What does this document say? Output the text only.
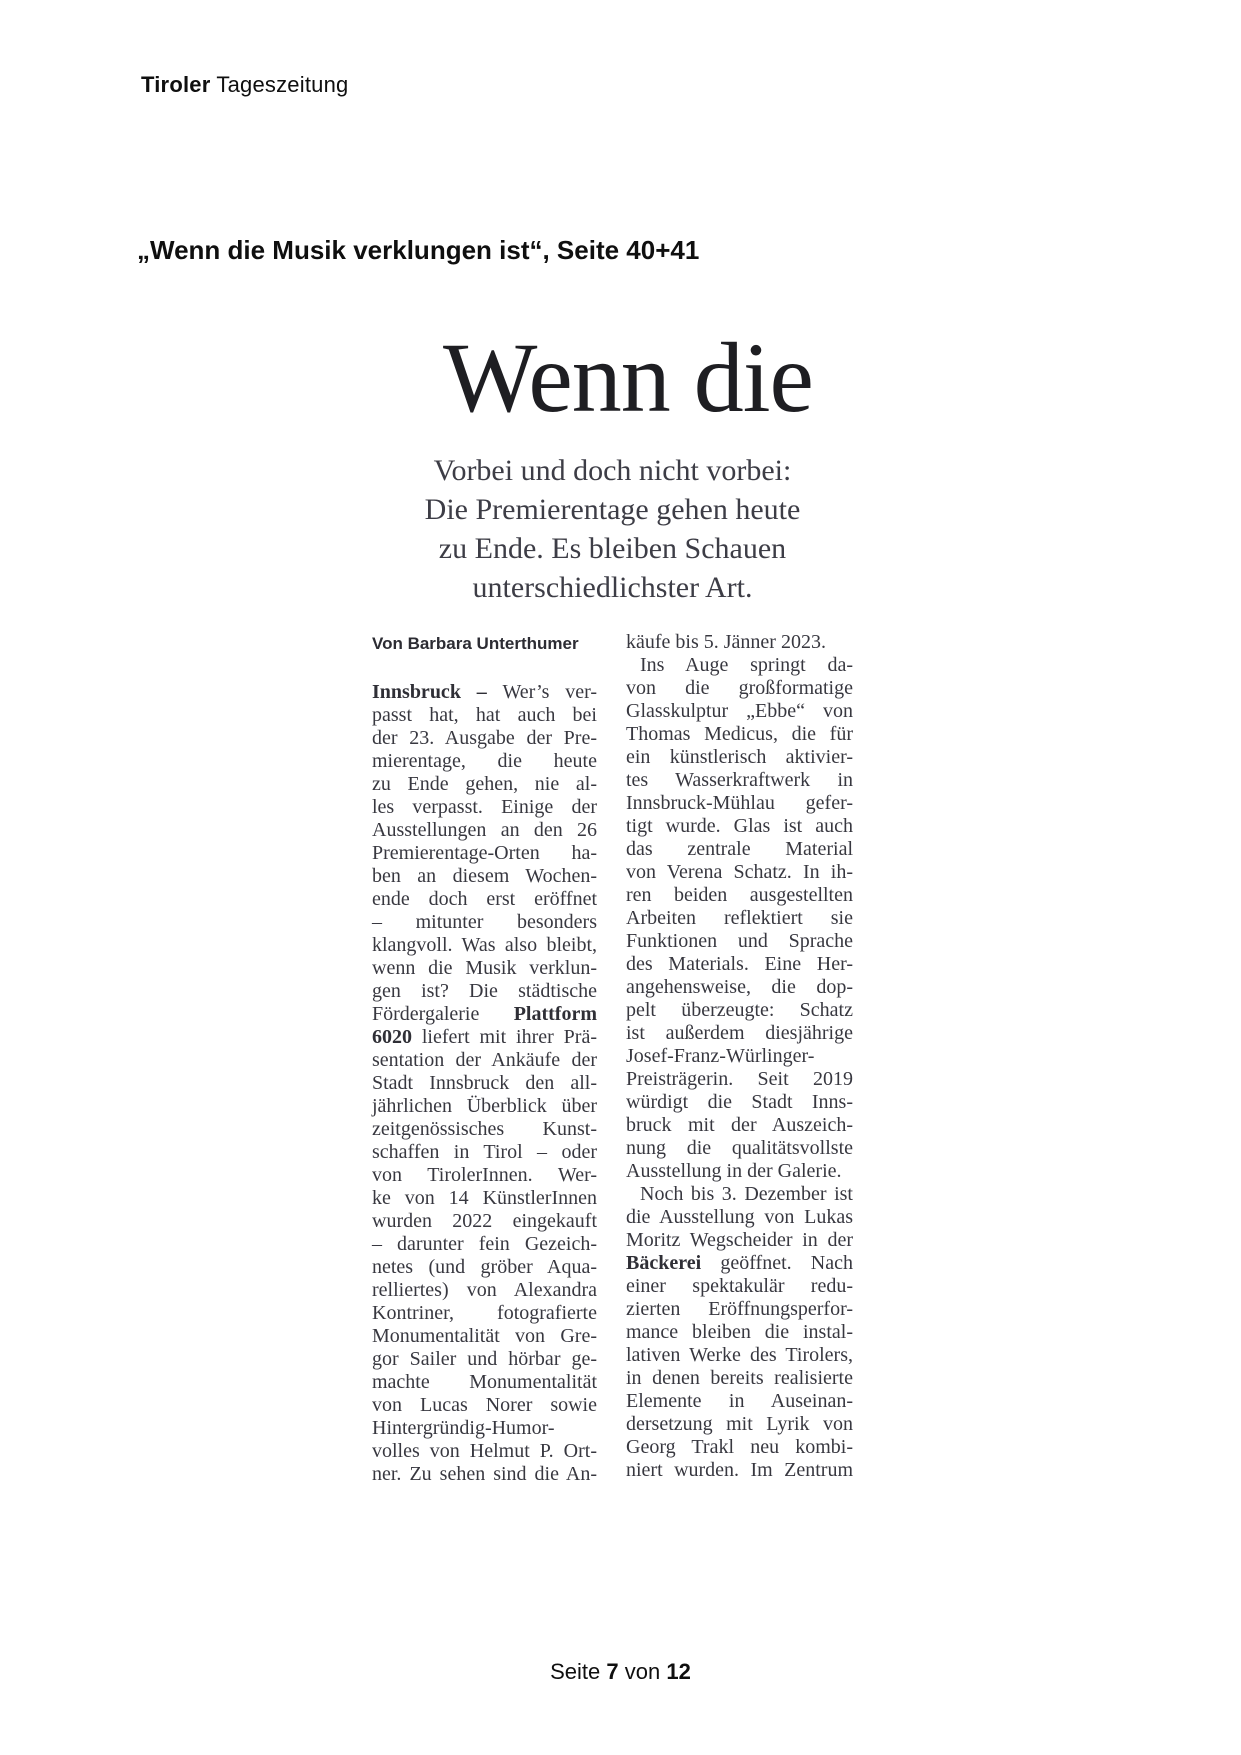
Tiroler Tageszeitung
„Wenn die Musik verklungen ist“, Seite 40+41
Wenn die
Vorbei und doch nicht vorbei:
Die Premierentage gehen heute
zu Ende. Es bleiben Schauen
unterschiedlichster Art.
Von Barbara Unterthumer
Innsbruck – Wer’s ver-
passt hat, hat auch bei
der 23. Ausgabe der Pre-
mierentage, die heute
zu Ende gehen, nie al-
les verpasst. Einige der
Ausstellungen an den 26
Premierentage-Orten ha-
ben an diesem Wochen-
ende doch erst eröffnet
– mitunter besonders
klangvoll. Was also bleibt,
wenn die Musik verklun-
gen ist? Die städtische
Fördergalerie Plattform
6020 liefert mit ihrer Prä-
sentation der Ankäufe der
Stadt Innsbruck den all-
jährlichen Überblick über
zeitgenössisches Kunst-
schaffen in Tirol – oder
von TirolerInnen. Wer-
ke von 14 KünstlerInnen
wurden 2022 eingekauft
– darunter fein Gezeich-
netes (und gröber Aqua-
relliertes) von Alexandra
Kontriner, fotografierte
Monumentalität von Gre-
gor Sailer und hörbar ge-
machte Monumentalität
von Lucas Norer sowie
Hintergründig-Humor-
volles von Helmut P. Ort-
ner. Zu sehen sind die An-
käufe bis 5. Jänner 2023.
Ins Auge springt da-
von die großformatige
Glasskulptur „Ebbe“ von
Thomas Medicus, die für
ein künstlerisch aktivier-
tes Wasserkraftwerk in
Innsbruck-Mühlau gefer-
tigt wurde. Glas ist auch
das zentrale Material
von Verena Schatz. In ih-
ren beiden ausgestellten
Arbeiten reflektiert sie
Funktionen und Sprache
des Materials. Eine Her-
angehensweise, die dop-
pelt überzeugte: Schatz
ist außerdem diesjährige
Josef-Franz-Würlinger-
Preisträgerin. Seit 2019
würdigt die Stadt Inns-
bruck mit der Auszeich-
nung die qualitätsvollste
Ausstellung in der Galerie.
Noch bis 3. Dezember ist
die Ausstellung von Lukas
Moritz Wegscheider in der
Bäckerei geöffnet. Nach
einer spektakulär redu-
zierten Eröffnungsperfor-
mance bleiben die instal-
lativen Werke des Tirolers,
in denen bereits realisierte
Elemente in Auseinan-
dersetzung mit Lyrik von
Georg Trakl neu kombi-
niert wurden. Im Zentrum
Seite 7 von 12
